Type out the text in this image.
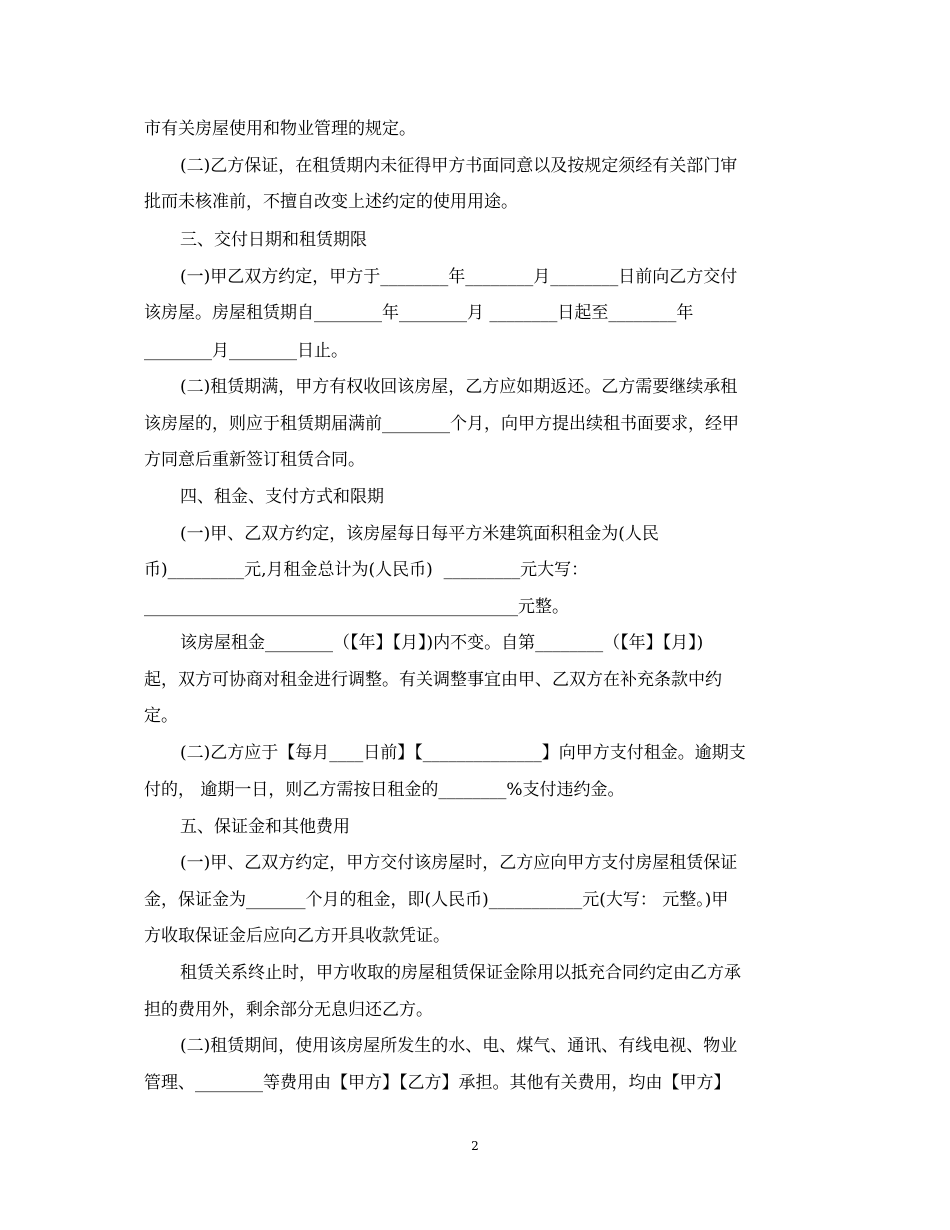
市有关房屋使用和物业管理的规定。
(二)乙方保证，在租赁期内未征得甲方书面同意以及按规定须经有关部门审
批而未核准前，不擅自改变上述约定的使用用途。
三、交付日期和租赁期限
(一)甲乙双方约定，甲方于________年________月________日前向乙方交付
该房屋。房屋租赁期自________年________月 ________日起至________年
________月________日止。
(二)租赁期满，甲方有权收回该房屋，乙方应如期返还。乙方需要继续承租
该房屋的，则应于租赁期届满前________个月，向甲方提出续租书面要求，经甲
方同意后重新签订租赁合同。
四、租金、支付方式和限期
(一)甲、乙双方约定，该房屋每日每平方米建筑面积租金为(人民
币)_________元,月租金总计为(人民币)  _________元大写：
____________________________________________元整。
该房屋租金________（【年】【月】)内不变。自第________（【年】【月】)
起，双方可协商对租金进行调整。有关调整事宜由甲、乙双方在补充条款中约
定。
(二)乙方应于【每月____日前】【______________】向甲方支付租金。逾期支
付的， 逾期一日，则乙方需按日租金的________%支付违约金。
五、保证金和其他费用
(一)甲、乙双方约定，甲方交付该房屋时，乙方应向甲方支付房屋租赁保证
金，保证金为_______个月的租金，即(人民币)___________元(大写： 元整。)甲
方收取保证金后应向乙方开具收款凭证。
租赁关系终止时，甲方收取的房屋租赁保证金除用以抵充合同约定由乙方承
担的费用外，剩余部分无息归还乙方。
(二)租赁期间，使用该房屋所发生的水、电、煤气、通讯、有线电视、物业
管理、________等费用由【甲方】【乙方】承担。其他有关费用，均由【甲方】
2
